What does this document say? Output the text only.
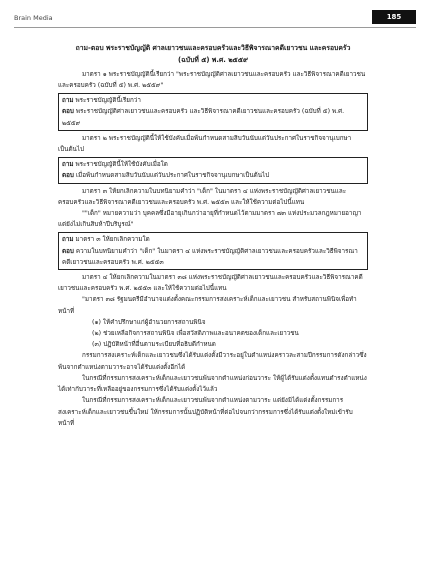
Brain Media	185
ถาม-ตอบ พระราชบัญญัติ ศาลเยาวชนและครอบครัวและวิธีพิจารณาคดีเยาวชน และครอบครัว
(ฉบับที่ ๕) พ.ศ. ๒๕๕๙

มาตรา ๑ พระราชบัญญัตินี้เรียกว่า "พระราชบัญญัติศาลเยาวชนและครอบครัว และวิธีพิจารณาคดีเยาวชนและครอบครัว (ฉบับที่ ๕) พ.ศ. ๒๕๕๙"

ถาม พระราชบัญญัตินี้เรียกว่า

ตอบ พระราชบัญญัติศาลเยาวชนและครอบครัว และวิธีพิจารณาคดีเยาวชนและครอบครัว (ฉบับที่ ๕) พ.ศ. ๒๕๕๙

มาตรา ๒ พระราชบัญญัตินี้ให้ใช้บังคับเมื่อพ้นกำหนดสามสิบวันนับแต่วันประกาศในราชกิจจานุเบกษาเป็นต้นไป

ถาม พระราชบัญญัตินี้ให้ใช้บังคับเมื่อใด

ตอบ เมื่อพ้นกำหนดสามสิบวันนับแต่วันประกาศในราชกิจจานุเบกษาเป็นต้นไป

มาตรา ๓ ให้ยกเลิกความในบทนิยามคำว่า "เด็ก" ในมาตรา ๔ แห่งพระราชบัญญัติศาลเยาวชนและครอบครัวและวิธีพิจารณาคดีเยาวชนและครอบครัว พ.ศ. ๒๕๕๓ และให้ใช้ความต่อไปนี้แทน

""เด็ก" หมายความว่า บุคคลซึ่งมีอายุเกินกว่าอายุที่กำหนดไว้ตามมาตรา ๗๓ แห่งประมวลกฎหมายอาญา แต่ยังไม่เกินสิบห้าปีบริบูรณ์"

ถาม มาตรา ๓ ให้ยกเลิกความใด

ตอบ ความในบทนิยามคำว่า "เด็ก" ในมาตรา ๔ แห่งพระราชบัญญัติศาลเยาวชนและครอบครัวและวิธีพิจารณาคดีเยาวชนและครอบครัว พ.ศ. ๒๕๕๓

มาตรา ๔ ให้ยกเลิกความในมาตรา ๓๘ แห่งพระราชบัญญัติศาลเยาวชนและครอบครัวและวิธีพิจารณาคดีเยาวชนและครอบครัว พ.ศ. ๒๕๕๓ และให้ใช้ความต่อไปนี้แทน

"มาตรา ๓๘ รัฐมนตรีมีอำนาจแต่งตั้งคณะกรรมการสงเคราะห์เด็กและเยาวชน สำหรับสถานพินิจเพื่อทำหน้าที่

(๑) ให้คำปรึกษาแก่ผู้อำนวยการสถานพินิจ

(๒) ช่วยเหลือกิจการสถานพินิจ เพื่อสวัสดิภาพและอนาคตของเด็กและเยาวชน

(๓) ปฏิบัติหน้าที่อื่นตามระเบียบที่อธิบดีกำหนด

กรรมการสงเคราะห์เด็กและเยาวชนซึ่งได้รับแต่งตั้งมีวาระอยู่ในตำแหน่งคราวละสามปีกรรมการดังกล่าวซึ่งพ้นจากตำแหน่งตามวาระอาจได้รับแต่งตั้งอีกได้

ในกรณีที่กรรมการสงเคราะห์เด็กและเยาวชนพ้นจากตำแหน่งก่อนวาระ ให้ผู้ได้รับแต่งตั้งแทนดำรงตำแหน่งได้เท่ากับวาระที่เหลืออยู่ของกรรมการซึ่งได้รับแต่งตั้งไว้แล้ว

ในกรณีที่กรรมการสงเคราะห์เด็กและเยาวชนพ้นจากตำแหน่งตามวาระ แต่ยังมิได้แต่งตั้งกรรมการสงเคราะห์เด็กและเยาวชนขึ้นใหม่ ให้กรรมการนั้นปฏิบัติหน้าที่ต่อไปจนกว่ากรรมการซึ่งได้รับแต่งตั้งใหม่เข้ารับหน้าที่
